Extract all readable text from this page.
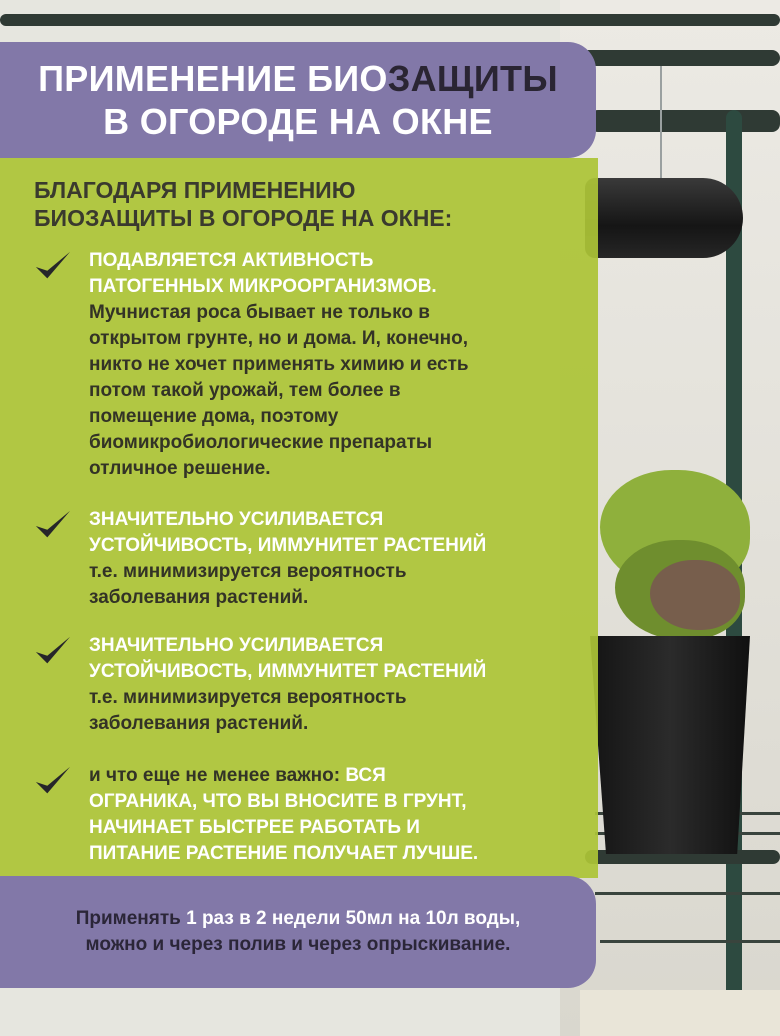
ПРИМЕНЕНИЕ БИОЗАЩИТЫ
В ОГОРОДЕ НА ОКНЕ

БЛАГОДАРЯ ПРИМЕНЕНИЮ
БИОЗАЩИТЫ В ОГОРОДЕ НА ОКНЕ:

ПОДАВЛЯЕТСЯ АКТИВНОСТЬ
ПАТОГЕННЫХ МИКРООРГАНИЗМОВ.
Мучнистая роса бывает не только в
открытом грунте, но и дома. И, конечно,
никто не хочет применять химию и есть
потом такой урожай, тем более в
помещение дома, поэтому
биомикробиологические препараты
отличное решение.
ЗНАЧИТЕЛЬНО УСИЛИВАЕТСЯ
УСТОЙЧИВОСТЬ, ИММУНИТЕТ РАСТЕНИЙ
т.е. минимизируется вероятность
заболевания растений.
ЗНАЧИТЕЛЬНО УСИЛИВАЕТСЯ
УСТОЙЧИВОСТЬ, ИММУНИТЕТ РАСТЕНИЙ
т.е. минимизируется вероятность
заболевания растений.
и что еще не менее важно: ВСЯ
ОГРАНИКА, ЧТО ВЫ ВНОСИТЕ В ГРУНТ,
НАЧИНАЕТ БЫСТРЕЕ РАБОТАТЬ И
ПИТАНИЕ РАСТЕНИЕ ПОЛУЧАЕТ ЛУЧШЕ.

Применять 1 раз в 2 недели 50мл на 10л воды,
можно и через полив и через опрыскивание.
